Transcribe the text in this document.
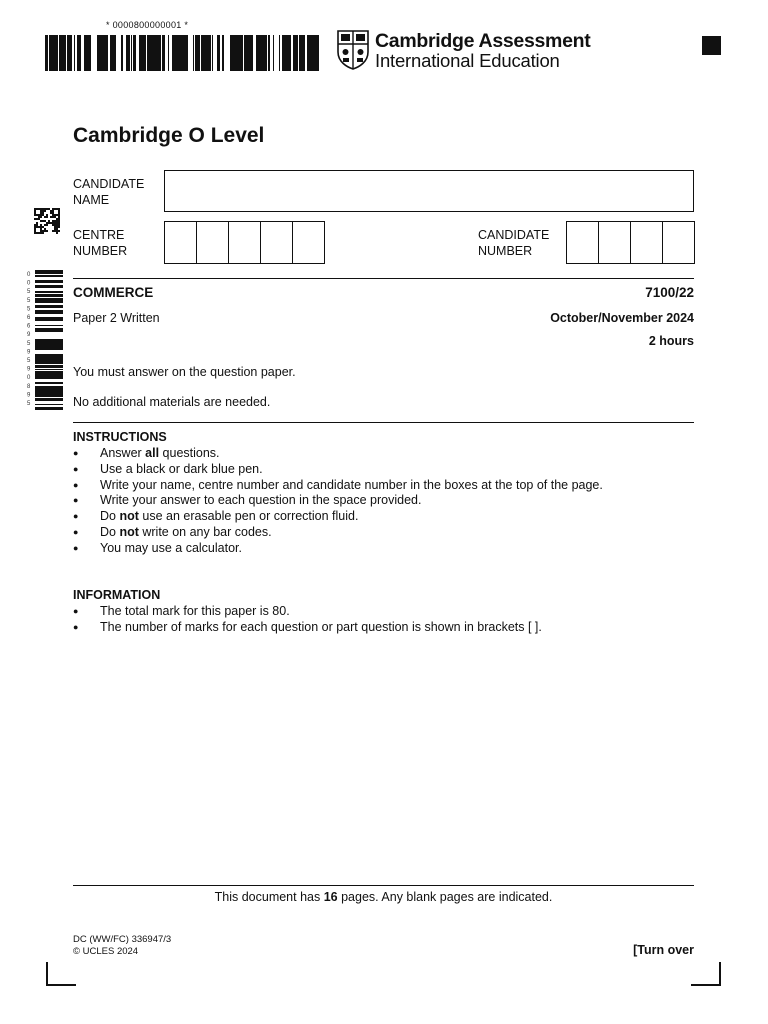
* 0000800000001 *
Cambridge Assessment
International Education
Cambridge O Level
CANDIDATE
NAME
CENTRE
NUMBER
CANDIDATE
NUMBER
0
0
5
5
5
6
6
9
5
9
5
9
0
8
9
5
COMMERCE	7100/22
Paper 2 Written	October/November 2024
2 hours
You must answer on the question paper.
No additional materials are needed.
INSTRUCTIONS
● Answer all questions.
● Use a black or dark blue pen.
● Write your name, centre number and candidate number in the boxes at the top of the page.
● Write your answer to each question in the space provided.
● Do not use an erasable pen or correction fluid.
● Do not write on any bar codes.
● You may use a calculator.
INFORMATION
● The total mark for this paper is 80.
● The number of marks for each question or part question is shown in brackets [ ].
This document has 16 pages. Any blank pages are indicated.
DC (WW/FC) 336947/3
© UCLES 2024	[Turn over
